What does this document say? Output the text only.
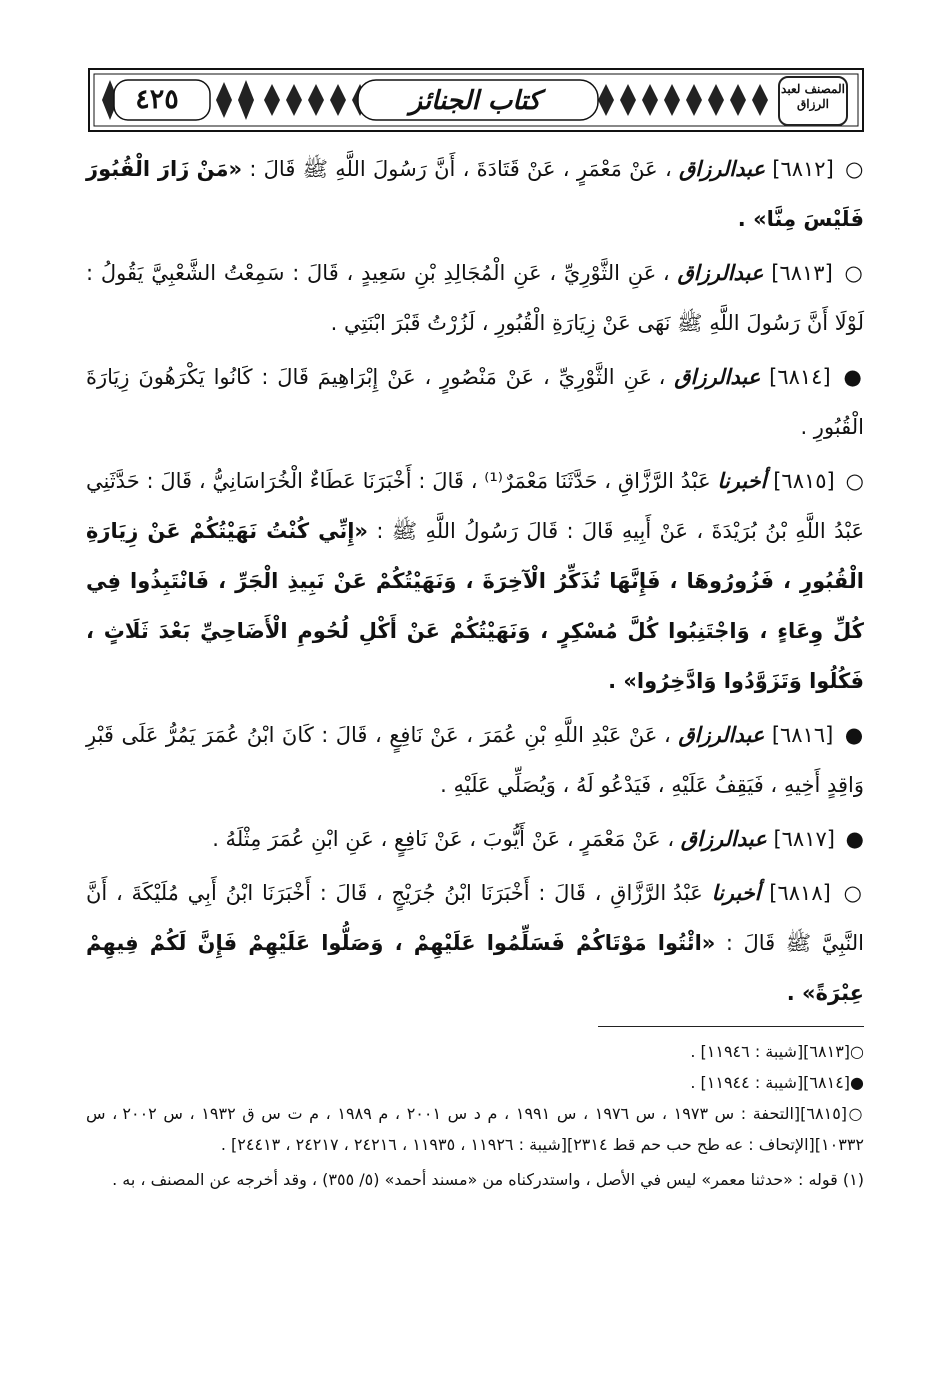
٤٢٥	كتاب الجنائز	المصنف لعبد الرزاق

○ [٦٨١٢] عبدالرزاق ، عَنْ مَعْمَرٍ ، عَنْ قَتَادَةَ ، أَنَّ رَسُولَ اللَّهِ ﷺ قَالَ : «مَنْ زَارَ الْقُبُورَ فَلَيْسَ مِنَّا» .

○ [٦٨١٣] عبدالرزاق ، عَنِ الثَّوْرِيِّ ، عَنِ الْمُجَالِدِ بْنِ سَعِيدٍ ، قَالَ : سَمِعْتُ الشَّعْبِيَّ يَقُولُ : لَوْلَا أَنَّ رَسُولَ اللَّهِ ﷺ نَهَى عَنْ زِيَارَةِ الْقُبُورِ ، لَزُرْتُ قَبْرَ ابْنَتِي .

● [٦٨١٤] عبدالرزاق ، عَنِ الثَّوْرِيِّ ، عَنْ مَنْصُورٍ ، عَنْ إِبْرَاهِيمَ قَالَ : كَانُوا يَكْرَهُونَ زِيَارَةَ الْقُبُورِ .

○ [٦٨١٥] أخبرنا عَبْدُ الرَّزَّاقِ ، حَدَّثَنَا مَعْمَرٌ⁽¹⁾ ، قَالَ : أَخْبَرَنَا عَطَاءٌ الْخُرَاسَانِيُّ ، قَالَ : حَدَّثَنِي عَبْدُ اللَّهِ بْنُ بُرَيْدَةَ ، عَنْ أَبِيهِ قَالَ : قَالَ رَسُولُ اللَّهِ ﷺ : «إِنِّي كُنْتُ نَهَيْتُكُمْ عَنْ زِيَارَةِ الْقُبُورِ ، فَزُورُوهَا ، فَإِنَّهَا تُذَكِّرُ الْآخِرَةَ ، وَنَهَيْتُكُمْ عَنْ نَبِيذِ الْجَرِّ ، فَانْتَبِذُوا فِي كُلِّ وِعَاءٍ ، وَاجْتَنِبُوا كُلَّ مُسْكِرٍ ، وَنَهَيْتُكُمْ عَنْ أَكْلِ لُحُومِ الْأَضَاحِيِّ بَعْدَ ثَلَاثٍ ، فَكُلُوا وَتَزَوَّدُوا وَادَّخِرُوا» .

● [٦٨١٦] عبدالرزاق ، عَنْ عَبْدِ اللَّهِ بْنِ عُمَرَ ، عَنْ نَافِعٍ ، قَالَ : كَانَ ابْنُ عُمَرَ يَمُرُّ عَلَى قَبْرِ وَاقِدٍ أَخِيهِ ، فَيَقِفُ عَلَيْهِ ، فَيَدْعُو لَهُ ، وَيُصَلِّي عَلَيْهِ .

● [٦٨١٧] عبدالرزاق ، عَنْ مَعْمَرٍ ، عَنْ أَيُّوبَ ، عَنْ نَافِعٍ ، عَنِ ابْنِ عُمَرَ مِثْلَهُ .

○ [٦٨١٨] أخبرنا عَبْدُ الرَّزَّاقِ ، قَالَ : أَخْبَرَنَا ابْنُ جُرَيْجٍ ، قَالَ : أَخْبَرَنَا ابْنُ أَبِي مُلَيْكَةَ ، أَنَّ النَّبِيَّ ﷺ قَالَ : «ائْتُوا مَوْتَاكُمْ فَسَلِّمُوا عَلَيْهِمْ ، وَصَلُّوا عَلَيْهِمْ فَإِنَّ لَكُمْ فِيهِمْ عِبْرَةً» .

○[٦٨١٣][شيبة : ١١٩٤٦] .

●[٦٨١٤][شيبة : ١١٩٤٤] .

○[٦٨١٥][التحفة : س ١٩٧٣ ، س ١٩٧٦ ، س ١٩٩١ ، م د س ٢٠٠١ ، م ١٩٨٩ ، م ت س ق ١٩٣٢ ، س ٢٠٠٢ ، س ١٠٣٣٢][الإتحاف : عه طح حب حم قط ٢٣١٤][شيبة : ١١٩٢٦ ، ١١٩٣٥ ، ٢٤٢١٦ ، ٢٤٢١٧ ، ٢٤٤١٣] .

(١) قوله : «حدثنا معمر» ليس في الأصل ، واستدركناه من «مسند أحمد» (٥/ ٣٥٥) ، وقد أخرجه عن المصنف ، به .
